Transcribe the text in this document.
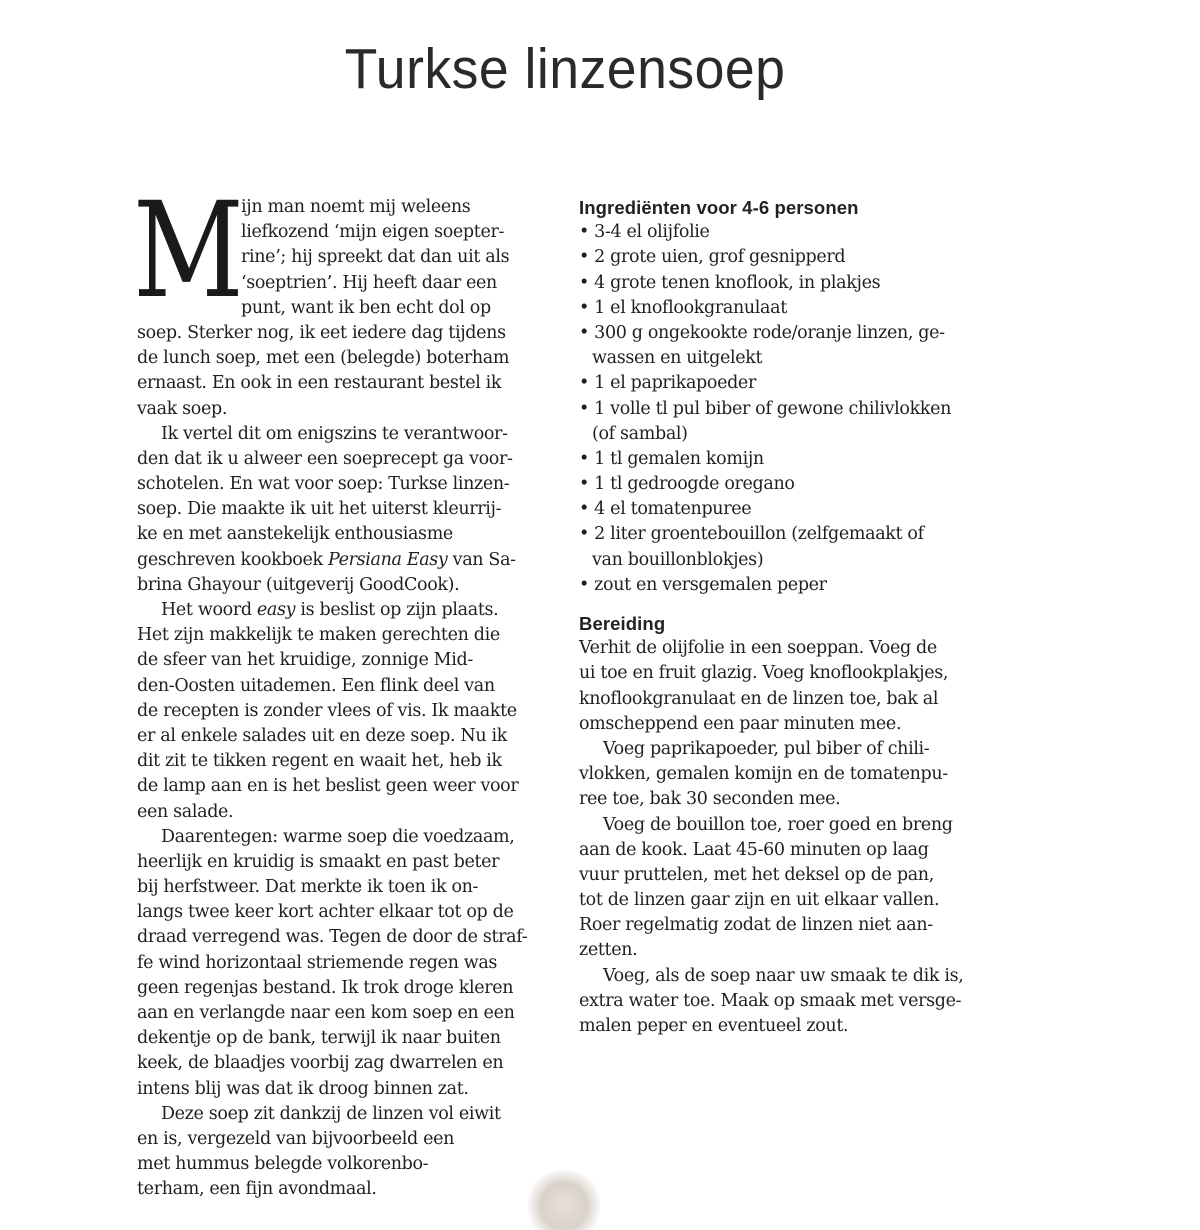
Turkse linzensoep
M
ijn man noemt mij weleens
liefkozend ‘mijn eigen soepter-
rine’; hij spreekt dat dan uit als
‘soeptrien’. Hij heeft daar een
punt, want ik ben echt dol op
soep. Sterker nog, ik eet iedere dag tijdens
de lunch soep, met een (belegde) boterham
ernaast. En ook in een restaurant bestel ik
vaak soep.
Ik vertel dit om enigszins te verantwoor-
den dat ik u alweer een soeprecept ga voor-
schotelen. En wat voor soep: Turkse linzen-
soep. Die maakte ik uit het uiterst kleurrij-
ke en met aanstekelijk enthousiasme
geschreven kookboek Persiana Easy van Sa-
brina Ghayour (uitgeverij GoodCook).
Het woord easy is beslist op zijn plaats.
Het zijn makkelijk te maken gerechten die
de sfeer van het kruidige, zonnige Mid-
den-Oosten uitademen. Een flink deel van
de recepten is zonder vlees of vis. Ik maakte
er al enkele salades uit en deze soep. Nu ik
dit zit te tikken regent en waait het, heb ik
de lamp aan en is het beslist geen weer voor
een salade.
Daarentegen: warme soep die voedzaam,
heerlijk en kruidig is smaakt en past beter
bij herfstweer. Dat merkte ik toen ik on-
langs twee keer kort achter elkaar tot op de
draad verregend was. Tegen de door de straf-
fe wind horizontaal striemende regen was
geen regenjas bestand. Ik trok droge kleren
aan en verlangde naar een kom soep en een
dekentje op de bank, terwijl ik naar buiten
keek, de blaadjes voorbij zag dwarrelen en
intens blij was dat ik droog binnen zat.
Deze soep zit dankzij de linzen vol eiwit
en is, vergezeld van bijvoorbeeld een
met hummus belegde volkorenbo-
terham, een fijn avondmaal.
Ingrediënten voor 4-6 personen
• 3-4 el olijfolie
• 2 grote uien, grof gesnipperd
• 4 grote tenen knoflook, in plakjes
• 1 el knoflookgranulaat
• 300 g ongekookte rode/oranje linzen, ge-
wassen en uitgelekt
• 1 el paprikapoeder
• 1 volle tl pul biber of gewone chilivlokken
(of sambal)
• 1 tl gemalen komijn
• 1 tl gedroogde oregano
• 4 el tomatenpuree
• 2 liter groentebouillon (zelfgemaakt of
van bouillonblokjes)
• zout en versgemalen peper
Bereiding
Verhit de olijfolie in een soeppan. Voeg de
ui toe en fruit glazig. Voeg knoflookplakjes,
knoflookgranulaat en de linzen toe, bak al
omscheppend een paar minuten mee.
Voeg paprikapoeder, pul biber of chili-
vlokken, gemalen komijn en de tomatenpu-
ree toe, bak 30 seconden mee.
Voeg de bouillon toe, roer goed en breng
aan de kook. Laat 45-60 minuten op laag
vuur pruttelen, met het deksel op de pan,
tot de linzen gaar zijn en uit elkaar vallen.
Roer regelmatig zodat de linzen niet aan-
zetten.
Voeg, als de soep naar uw smaak te dik is,
extra water toe. Maak op smaak met versge-
malen peper en eventueel zout.
